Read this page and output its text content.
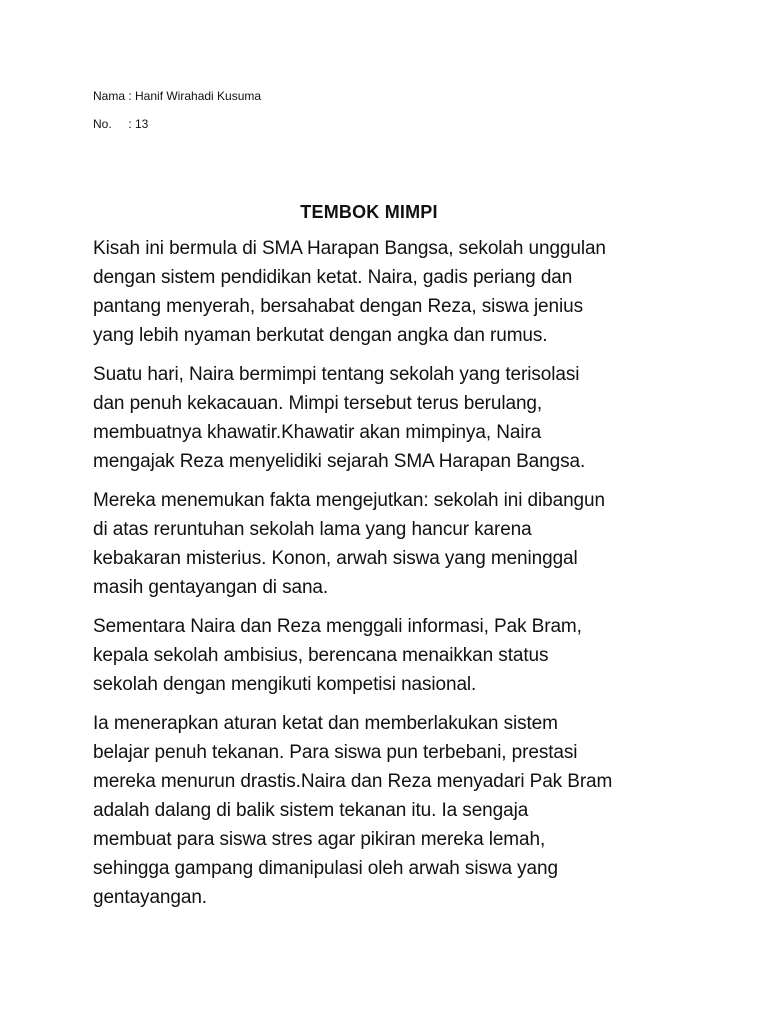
Nama : Hanif Wirahadi Kusuma
No.     : 13
TEMBOK MIMPI

Kisah ini bermula di SMA Harapan Bangsa, sekolah unggulan
dengan sistem pendidikan ketat. Naira, gadis periang dan
pantang menyerah, bersahabat dengan Reza, siswa jenius
yang lebih nyaman berkutat dengan angka dan rumus.

Suatu hari, Naira bermimpi tentang sekolah yang terisolasi
dan penuh kekacauan. Mimpi tersebut terus berulang,
membuatnya khawatir.Khawatir akan mimpinya, Naira
mengajak Reza menyelidiki sejarah SMA Harapan Bangsa.

Mereka menemukan fakta mengejutkan: sekolah ini dibangun
di atas reruntuhan sekolah lama yang hancur karena
kebakaran misterius. Konon, arwah siswa yang meninggal
masih gentayangan di sana.

Sementara Naira dan Reza menggali informasi, Pak Bram,
kepala sekolah ambisius, berencana menaikkan status
sekolah dengan mengikuti kompetisi nasional.

Ia menerapkan aturan ketat dan memberlakukan sistem
belajar penuh tekanan. Para siswa pun terbebani, prestasi
mereka menurun drastis.Naira dan Reza menyadari Pak Bram
adalah dalang di balik sistem tekanan itu. Ia sengaja
membuat para siswa stres agar pikiran mereka lemah,
sehingga gampang dimanipulasi oleh arwah siswa yang
gentayangan.
